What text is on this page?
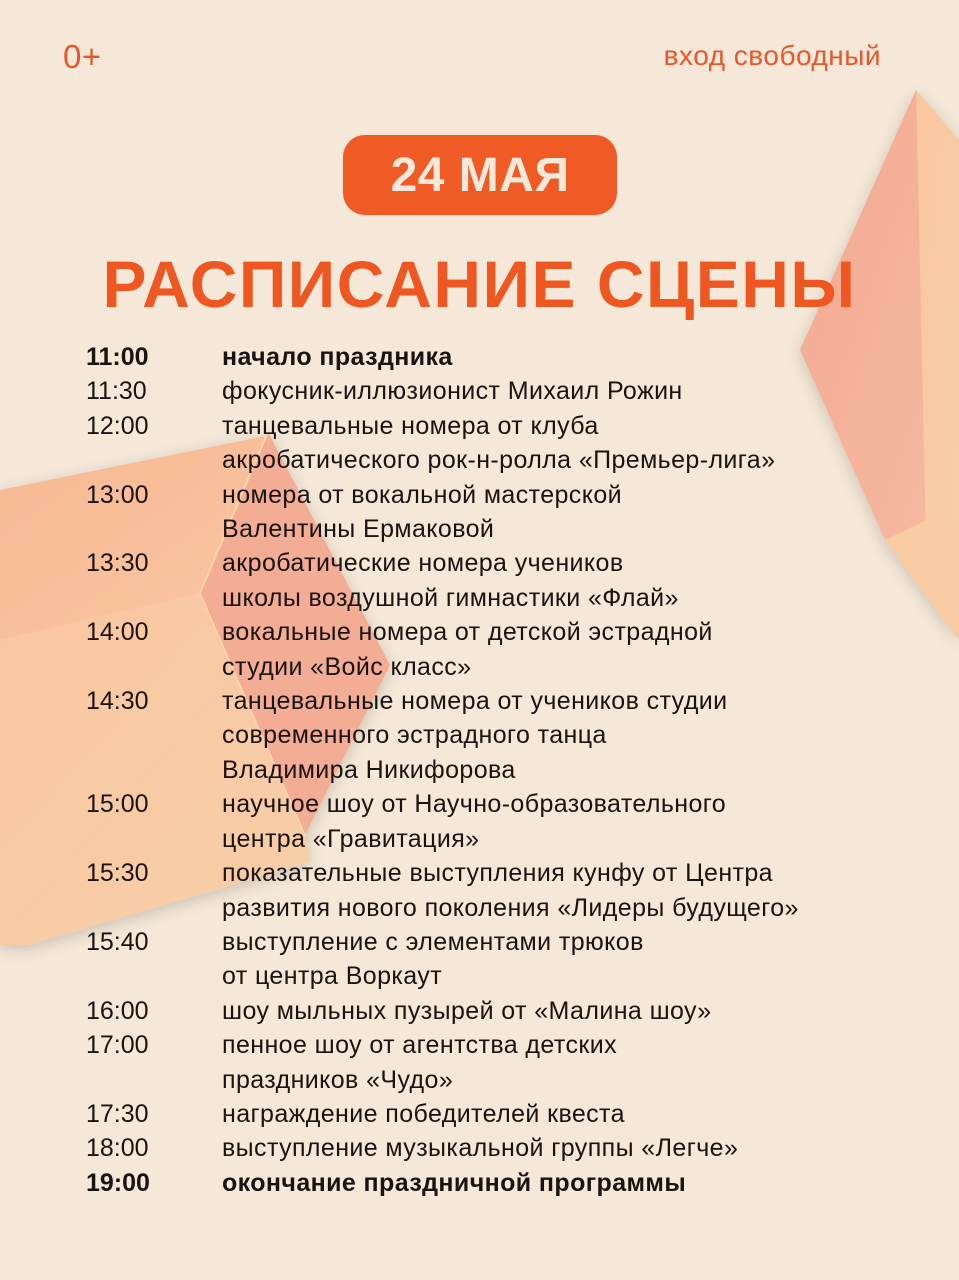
0+	вход свободный
24 МАЯ
РАСПИСАНИЕ СЦЕНЫ
11:00	начало праздника
11:30	фокусник-иллюзионист Михаил Рожин
12:00	танцевальные номера от клуба
акробатического рок-н-ролла «Премьер-лига»
13:00	номера от вокальной мастерской
Валентины Ермаковой
13:30	акробатические номера учеников
школы воздушной гимнастики «Флай»
14:00	вокальные номера от детской эстрадной
студии «Войс класс»
14:30	танцевальные номера от учеников студии
современного эстрадного танца
Владимира Никифорова
15:00	научное шоу от Научно-образовательного
центра «Гравитация»
15:30	показательные выступления кунфу от Центра
развития нового поколения «Лидеры будущего»
15:40	выступление с элементами трюков
от центра Воркаут
16:00	шоу мыльных пузырей от «Малина шоу»
17:00	пенное шоу от агентства детских
праздников «Чудо»
17:30	награждение победителей квеста
18:00	выступление музыкальной группы «Легче»
19:00	окончание праздничной программы
